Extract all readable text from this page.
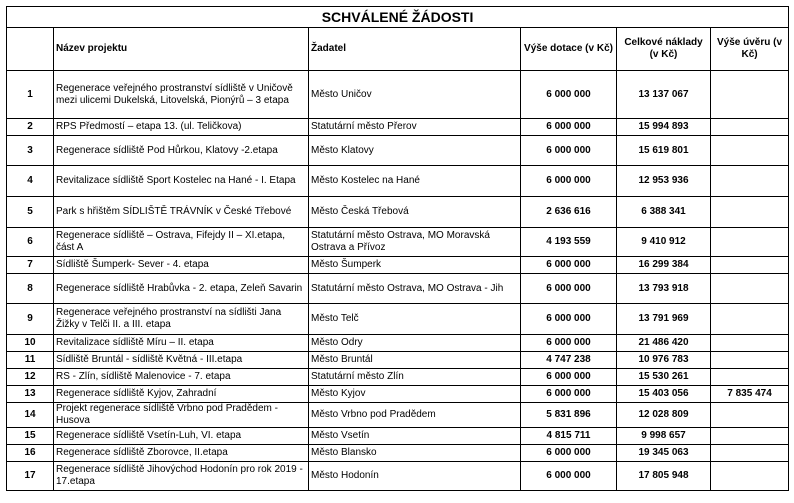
SCHVÁLENÉ ŽÁDOSTI					
	Název projektu	Žadatel	Výše dotace (v Kč)	Celkové náklady (v Kč)	Výše úvěru (v Kč)
1	Regenerace veřejného prostranství sídliště v Uničově mezi ulicemi Dukelská, Litovelská, Pionýrů – 3 etapa	Město Uničov	6 000 000	13 137 067	
2	RPS Předmostí – etapa 13. (ul. Teličkova)	Statutární město Přerov	6 000 000	15 994 893	
3	Regenerace sídliště Pod Hůrkou, Klatovy -2.etapa	Město Klatovy	6 000 000	15 619 801	
4	Revitalizace sídliště Sport Kostelec na Hané - I. Etapa	Město Kostelec na Hané	6 000 000	12 953 936	
5	Park s hřištěm SÍDLIŠTĚ TRÁVNÍK v České Třebové	Město Česká Třebová	2 636 616	6 388 341	
6	Regenerace sídliště – Ostrava, Fifejdy II – XI.etapa, část A	Statutární město Ostrava, MO Moravská Ostrava a Přívoz	4 193 559	9 410 912	
7	Sídliště Šumperk- Sever - 4. etapa	Město Šumperk	6 000 000	16 299 384	
8	Regenerace sídliště Hrabůvka - 2. etapa, Zeleň Savarin	Statutární město Ostrava, MO Ostrava - Jih	6 000 000	13 793 918	
9	Regenerace veřejného prostranství na sídlišti Jana Žižky v Telči II. a III. etapa	Město Telč	6 000 000	13 791 969	
10	Revitalizace sídliště Míru – II. etapa	Město Odry	6 000 000	21 486 420	
11	Sídliště Bruntál - sídliště Květná - III.etapa	Město Bruntál	4 747 238	10 976 783	
12	RS - Zlín, sídliště Malenovice - 7. etapa	Statutární město Zlín	6 000 000	15 530 261	
13	Regenerace sídliště Kyjov, Zahradní	Město Kyjov	6 000 000	15 403 056	7 835 474
14	Projekt regenerace sídliště Vrbno pod Pradědem - Husova	Město Vrbno pod Pradědem	5 831 896	12 028 809	
15	Regenerace sídliště Vsetín-Luh, VI. etapa	Město Vsetín	4 815 711	9 998 657	
16	Regenerace sídliště Zborovce, II.etapa	Město Blansko	6 000 000	19 345 063	
17	Regenerace sídliště Jihovýchod Hodonín pro rok 2019 - 17.etapa	Město Hodonín	6 000 000	17 805 948	
